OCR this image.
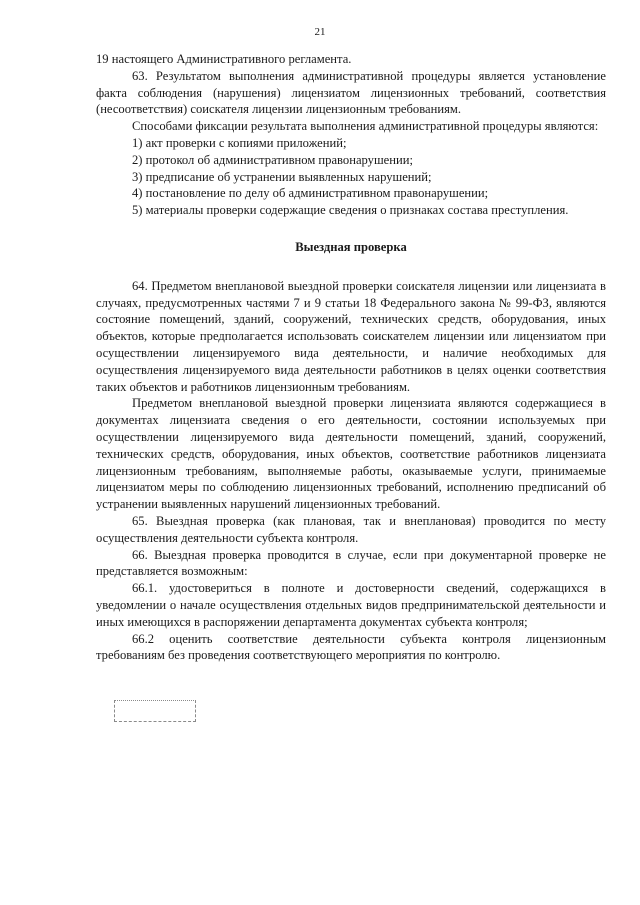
21

19 настоящего Административного регламента.

63. Результатом выполнения административной процедуры является установление факта соблюдения (нарушения) лицензиатом лицензионных требований, соответствия (несоответствия) соискателя лицензии лицензионным требованиям.

Способами фиксации результата выполнения административной процедуры являются:

1) акт проверки с копиями приложений;

2) протокол об административном правонарушении;

3) предписание об устранении выявленных нарушений;

4) постановление по делу об административном правонарушении;

5) материалы проверки содержащие сведения о признаках состава преступления.

Выездная проверка

64. Предметом внеплановой выездной проверки соискателя лицензии или лицензиата в случаях, предусмотренных частями 7 и 9 статьи 18 Федерального закона № 99-ФЗ, являются состояние помещений, зданий, сооружений, технических средств, оборудования, иных объектов, которые предполагается использовать соискателем лицензии или лицензиатом при осуществлении лицензируемого вида деятельности, и наличие необходимых для осуществления лицензируемого вида деятельности работников в целях оценки соответствия таких объектов и работников лицензионным требованиям.

Предметом внеплановой выездной проверки лицензиата являются содержащиеся в документах лицензиата сведения о его деятельности, состоянии используемых при осуществлении лицензируемого вида деятельности помещений, зданий, сооружений, технических средств, оборудования, иных объектов, соответствие работников лицензиата лицензионным требованиям, выполняемые работы, оказываемые услуги, принимаемые лицензиатом меры по соблюдению лицензионных требований, исполнению предписаний об устранении выявленных нарушений лицензионных требований.

65. Выездная проверка (как плановая, так и внеплановая) проводится по месту осуществления деятельности субъекта контроля.

66. Выездная проверка проводится в случае, если при документарной проверке не представляется возможным:

66.1. удостовериться в полноте и достоверности сведений, содержащихся в уведомлении о начале осуществления отдельных видов предпринимательской деятельности и иных имеющихся в распоряжении департамента документах субъекта контроля;

66.2 оценить соответствие деятельности субъекта контроля лицензионным требованиям без проведения соответствующего мероприятия по контролю.
